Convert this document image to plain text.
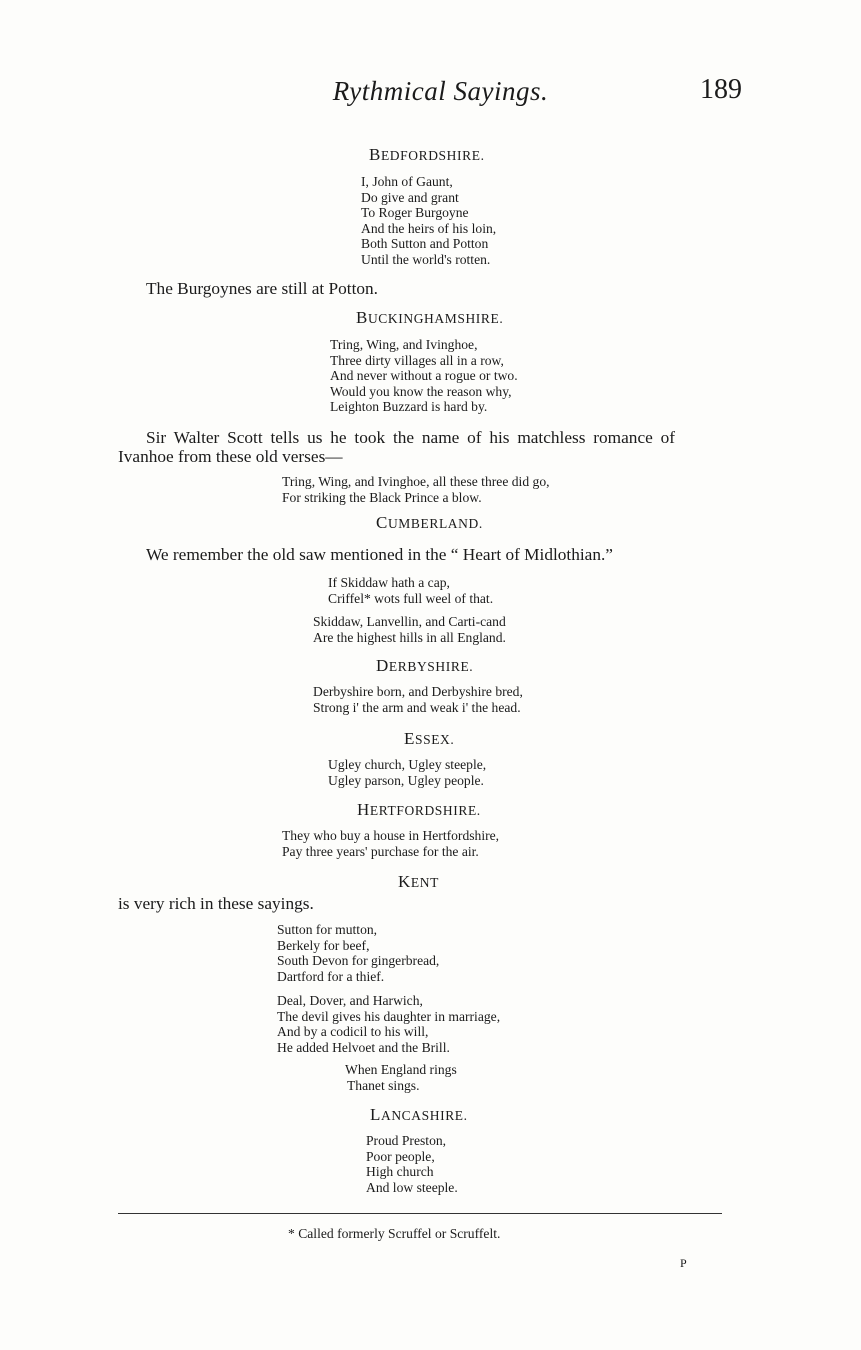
Rythmical Sayings.	189
BEDFORDSHIRE.
I, John of Gaunt,
Do give and grant
To Roger Burgoyne
And the heirs of his loin,
Both Sutton and Potton
Until the world's rotten.
The Burgoynes are still at Potton.
BUCKINGHAMSHIRE.
Tring, Wing, and Ivinghoe,
Three dirty villages all in a row,
And never without a rogue or two.
Would you know the reason why,
Leighton Buzzard is hard by.
Sir Walter Scott tells us he took the name of his matchless romance of
Ivanhoe from these old verses—
Tring, Wing, and Ivinghoe, all these three did go,
For striking the Black Prince a blow.
CUMBERLAND.
We remember the old saw mentioned in the “ Heart of Midlothian.”
If Skiddaw hath a cap,
Criffel* wots full weel of that.
Skiddaw, Lanvellin, and Carti-cand
Are the highest hills in all England.
DERBYSHIRE.
Derbyshire born, and Derbyshire bred,
Strong i' the arm and weak i' the head.
ESSEX.
Ugley church, Ugley steeple,
Ugley parson, Ugley people.
HERTFORDSHIRE.
They who buy a house in Hertfordshire,
Pay three years' purchase for the air.
KENT
is very rich in these sayings.
Sutton for mutton,
Berkely for beef,
South Devon for gingerbread,
Dartford for a thief.
Deal, Dover, and Harwich,
The devil gives his daughter in marriage,
And by a codicil to his will,
He added Helvoet and the Brill.
When England rings
Thanet sings.
LANCASHIRE.
Proud Preston,
Poor people,
High church
And low steeple.
* Called formerly Scruffel or Scruffelt.
P
